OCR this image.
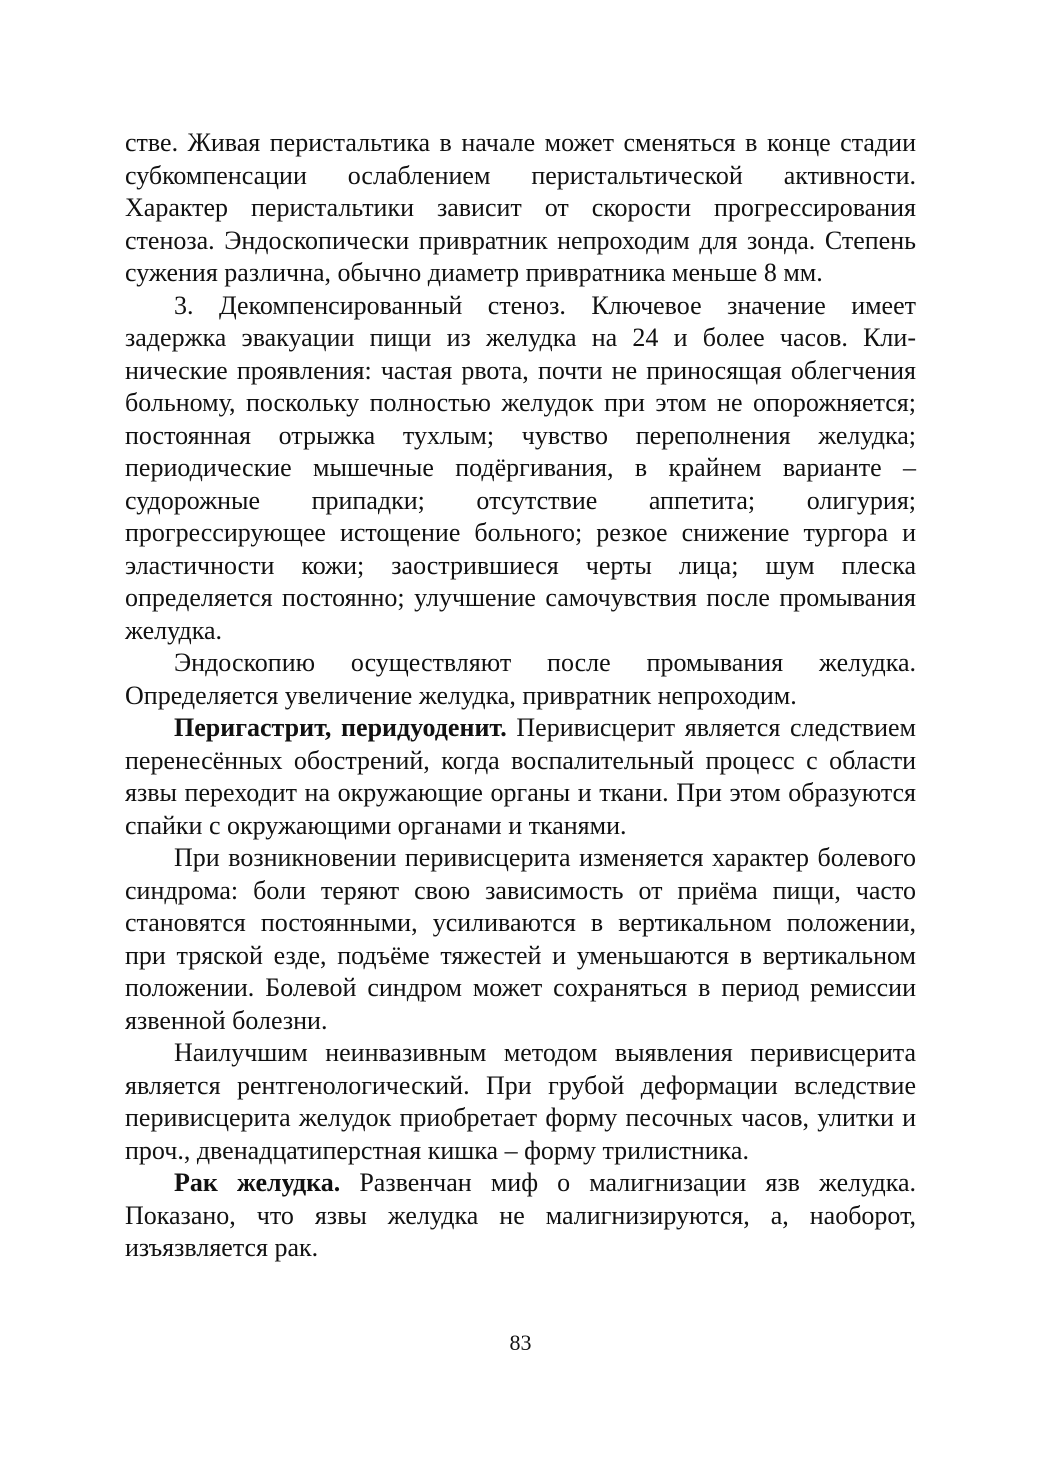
стве. Живая перистальтика в начале может сменяться в конце стадии субкомпенсации ослаблением перистальтической активности. Характер перистальтики зависит от скорости прогрессирования стеноза. Эндоскопически привратник непроходим для зонда. Степень сужения различна, обычно диаметр привратника меньше 8 мм.

3. Декомпенсированный стеноз. Ключевое значение имеет задержка эвакуации пищи из желудка на 24 и более часов. Клинические проявления: частая рвота, почти не приносящая облегчения больному, поскольку полностью желудок при этом не опорожняется; постоянная отрыжка тухлым; чувство переполнения желудка; периодические мышечные подёргивания, в крайнем варианте – судорожные припадки; отсутствие аппетита; олигурия; прогрессирующее истощение больного; резкое снижение тургора и эластичности кожи; заострившиеся черты лица; шум плеска определяется постоянно; улучшение самочувствия после промывания желудка.

Эндоскопию осуществляют после промывания желудка. Определяется увеличение желудка, привратник непроходим.

Перигастрит, перидуоденит. Перивисцерит является следствием перенесённых обострений, когда воспалительный процесс с области язвы переходит на окружающие органы и ткани. При этом образуются спайки с окружающими органами и тканями.

При возникновении перивисцерита изменяется характер болевого синдрома: боли теряют свою зависимость от приёма пищи, часто становятся постоянными, усиливаются в вертикальном положении, при тряской езде, подъёме тяжестей и уменьшаются в вертикальном положении. Болевой синдром может сохраняться в период ремиссии язвенной болезни.

Наилучшим неинвазивным методом выявления перивисцерита является рентгенологический. При грубой деформации вследствие перивисцерита желудок приобретает форму песочных часов, улитки и проч., двенадцатиперстная кишка – форму трилистника.

Рак желудка. Развенчан миф о малигнизации язв желудка. Показано, что язвы желудка не малигнизируются, а, наоборот, изъязвляется рак.

83
